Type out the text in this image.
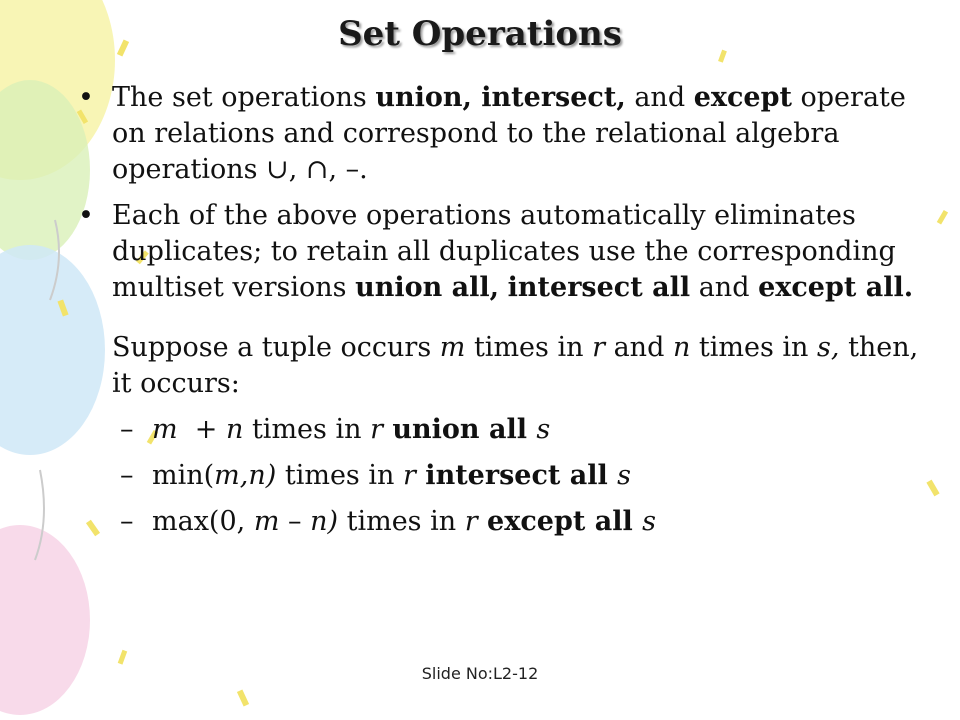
Set Operations
• The set operations union, intersect, and except operate on relations and correspond to the relational algebra operations ∪, ∩, –.
• Each of the above operations automatically eliminates duplicates; to retain all duplicates use the corresponding multiset versions union all, intersect all and except all.
Suppose a tuple occurs m times in r and n times in s, then, it occurs:
– m  + n times in r union all s
– min(m,n) times in r intersect all s
– max(0, m – n) times in r except all s
Slide No:L2-12
